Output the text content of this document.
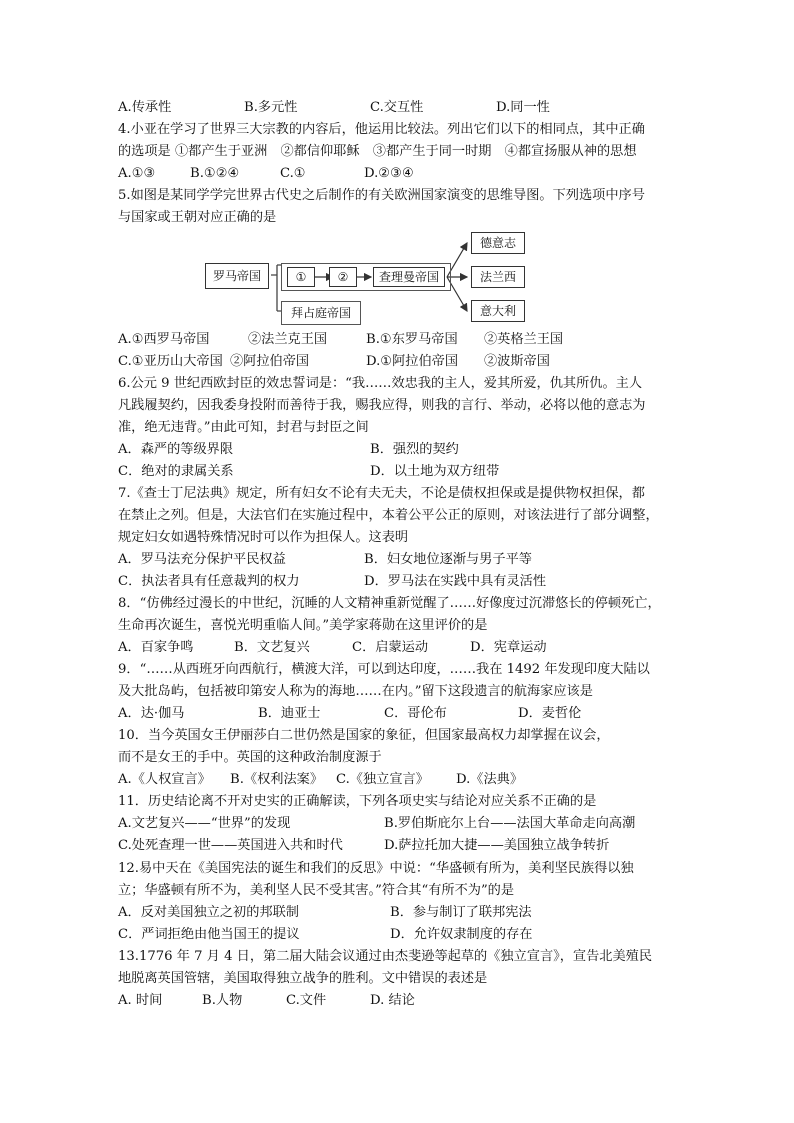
A.传承性	B.多元性	C.交互性	D.同一性
4.小亚在学习了世界三大宗教的内容后，他运用比较法。列出它们以下的相同点，其中正确
的选项是 ①都产生于亚洲　②都信仰耶稣　③都产生于同一时期　④都宣扬服从神的思想
A.①③	B.①②④	C.①	D.②③④
5.如图是某同学学完世界古代史之后制作的有关欧洲国家演变的思维导图。下列选项中序号
与国家或王朝对应正确的是
A.①西罗马帝国	②法兰克王国	B.①东罗马帝国 ②英格兰王国
C.①亚历山大帝国 ②阿拉伯帝国	D.①阿拉伯帝国 ②波斯帝国
6.公元 9 世纪西欧封臣的效忠誓词是：“我……效忠我的主人，爱其所爱，仇其所仇。主人
凡践履契约，因我委身投附而善待于我，赐我应得，则我的言行、举动，必将以他的意志为
准，绝无违背。”由此可知，封君与封臣之间
A．森严的等级界限	B．强烈的契约
C．绝对的隶属关系	D．以土地为双方纽带
7.《查士丁尼法典》规定，所有妇女不论有夫无夫，不论是债权担保或是提供物权担保，都
在禁止之列。但是，大法官们在实施过程中，本着公平公正的原则，对该法进行了部分调整，
规定妇女如遇特殊情况时可以作为担保人。这表明
A．罗马法充分保护平民权益	B．妇女地位逐渐与男子平等
C．执法者具有任意裁判的权力	D．罗马法在实践中具有灵活性
8．“仿佛经过漫长的中世纪，沉睡的人文精神重新觉醒了……好像度过沉滞悠长的停顿死亡，
生命再次诞生，喜悦光明重临人间。”美学家蒋勋在这里评价的是
A．百家争鸣	B．文艺复兴	C．启蒙运动	D．宪章运动
9．“……从西班牙向西航行，横渡大洋，可以到达印度，……我在 1492 年发现印度大陆以
及大批岛屿，包括被印第安人称为的海地……在内。”留下这段遗言的航海家应该是
A．达·伽马	B．迪亚士	C．哥伦布	D．麦哲伦
10．当今英国女王伊丽莎白二世仍然是国家的象征，但国家最高权力却掌握在议会，
而不是女王的手中。英国的这种政治制度源于
A.《人权宣言》 B.《权利法案》 C.《独立宣言》 D.《法典》
11．历史结论离不开对史实的正确解读，下列各项史实与结论对应关系不正确的是
A.文艺复兴——“世界”的发现	B.罗伯斯庇尔上台——法国大革命走向高潮
C.处死查理一世——英国进入共和时代	D.萨拉托加大捷——美国独立战争转折
12.易中天在《美国宪法的诞生和我们的反思》中说：“华盛顿有所为，美利坚民族得以独
立；华盛顿有所不为，美利坚人民不受其害。”符合其“有所不为”的是
A．反对美国独立之初的邦联制	B．参与制订了联邦宪法
C．严词拒绝由他当国王的提议	D．允许奴隶制度的存在
13.1776 年 7 月 4 日，第二届大陆会议通过由杰斐逊等起草的《独立宣言》，宣告北美殖民
地脱离英国管辖，美国取得独立战争的胜利。文中错误的表述是
A. 时间	B.人物	C.文件	D. 结论
罗马帝国	①	②	查理曼帝国
拜占庭帝国
德意志
法兰西
意大利
